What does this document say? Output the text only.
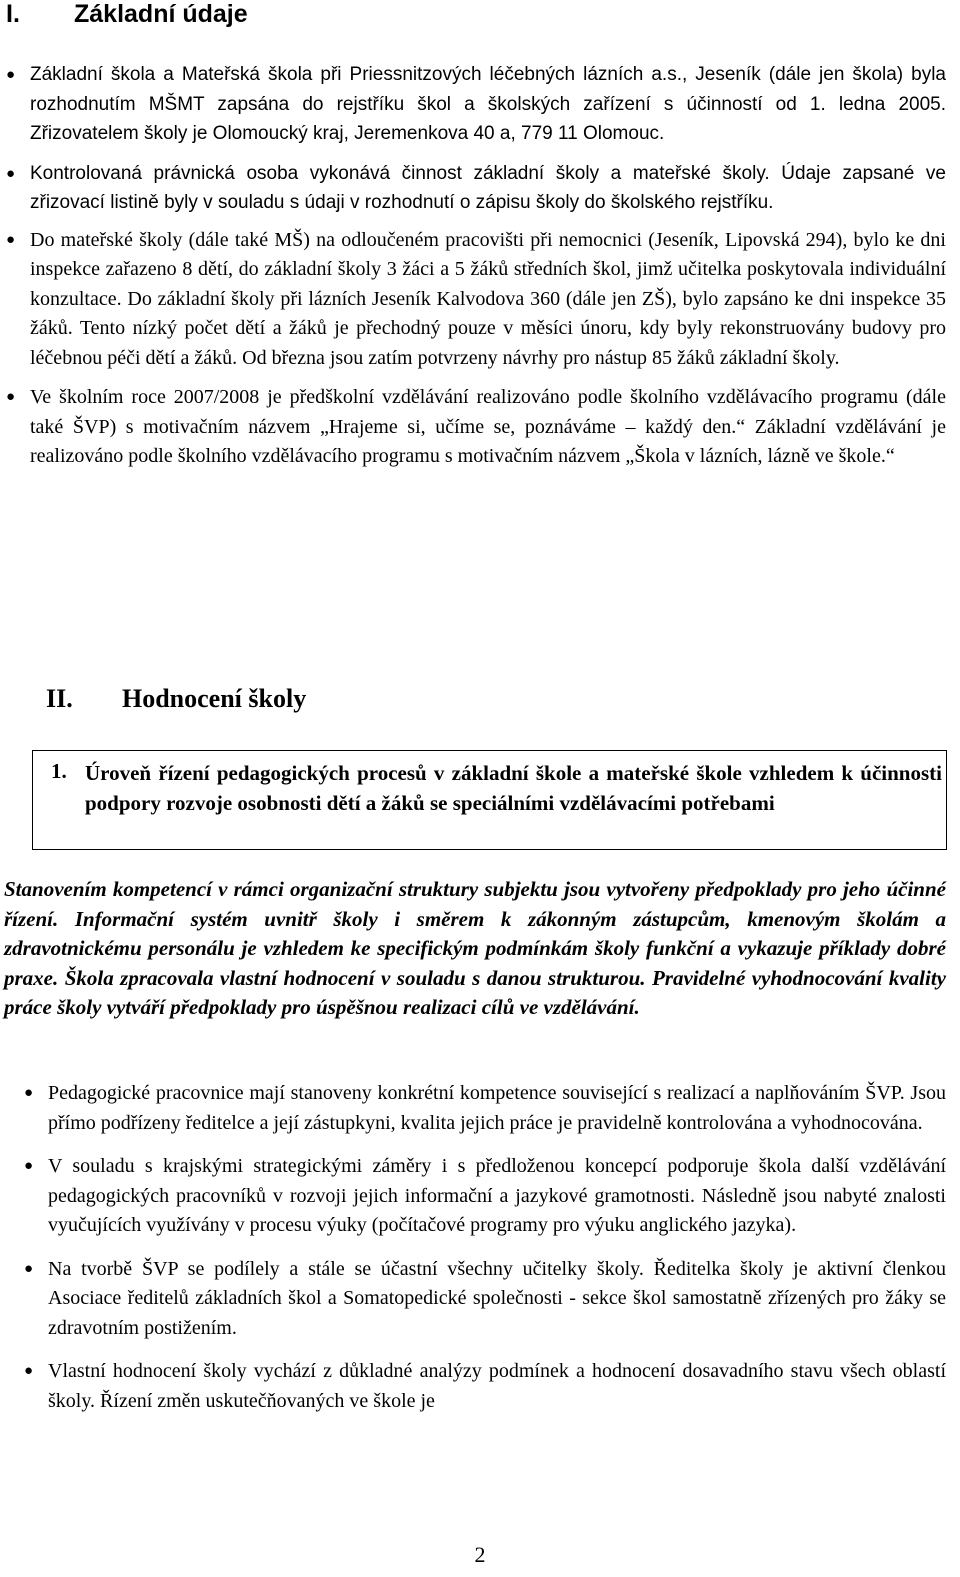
I. Základní údaje
● Základní škola a Mateřská škola při Priessnitzových léčebných lázních a.s., Jeseník (dále jen škola) byla rozhodnutím MŠMT zapsána do rejstříku škol a školských zařízení s účinností od 1. ledna 2005. Zřizovatelem školy je Olomoucký kraj, Jeremenkova 40 a, 779 11 Olomouc.
● Kontrolovaná právnická osoba vykonává činnost základní školy a mateřské školy. Údaje zapsané ve zřizovací listině byly v souladu s údaji v rozhodnutí o zápisu školy do školského rejstříku.
● Do mateřské školy (dále také MŠ) na odloučeném pracovišti při nemocnici (Jeseník, Lipovská 294), bylo ke dni inspekce zařazeno 8 dětí, do základní školy 3 žáci a 5 žáků středních škol, jimž učitelka poskytovala individuální konzultace. Do základní školy při lázních Jeseník Kalvodova 360 (dále jen ZŠ), bylo zapsáno ke dni inspekce 35 žáků. Tento nízký počet dětí a žáků je přechodný pouze v měsíci únoru, kdy byly rekonstruovány budovy pro léčebnou péči dětí a žáků. Od března jsou zatím potvrzeny návrhy pro nástup 85 žáků základní školy.
● Ve školním roce 2007/2008 je předškolní vzdělávání realizováno podle školního vzdělávacího programu (dále také ŠVP) s motivačním názvem „Hrajeme si, učíme se, poznáváme – každý den.“ Základní vzdělávání je realizováno podle školního vzdělávacího programu s motivačním názvem „Škola v lázních, lázně ve škole.“
II. Hodnocení školy
1. Úroveň řízení pedagogických procesů v základní škole a mateřské škole vzhledem k účinnosti podpory rozvoje osobnosti dětí a žáků se speciálními vzdělávacími potřebami
Stanovením kompetencí v rámci organizační struktury subjektu jsou vytvořeny předpoklady pro jeho účinné řízení. Informační systém uvnitř školy i směrem k zákonným zástupcům, kmenovým školám a zdravotnickému personálu je vzhledem ke specifickým podmínkám školy funkční a vykazuje příklady dobré praxe. Škola zpracovala vlastní hodnocení v souladu s danou strukturou. Pravidelné vyhodnocování kvality práce školy vytváří předpoklady pro úspěšnou realizaci cílů ve vzdělávání.
● Pedagogické pracovnice mají stanoveny konkrétní kompetence související s realizací a naplňováním ŠVP. Jsou přímo podřízeny ředitelce a její zástupkyni, kvalita jejich práce je pravidelně kontrolována a vyhodnocována.
● V souladu s krajskými strategickými záměry i s předloženou koncepcí podporuje škola další vzdělávání pedagogických pracovníků v rozvoji jejich informační a jazykové gramotnosti. Následně jsou nabyté znalosti vyučujících využívány v procesu výuky (počítačové programy pro výuku anglického jazyka).
● Na tvorbě ŠVP se podílely a stále se účastní všechny učitelky školy. Ředitelka školy je aktivní členkou Asociace ředitelů základních škol a Somatopedické společnosti - sekce škol samostatně zřízených pro žáky se zdravotním postižením.
● Vlastní hodnocení školy vychází z důkladné analýzy podmínek a hodnocení dosavadního stavu všech oblastí školy. Řízení změn uskutečňovaných ve škole je
2
